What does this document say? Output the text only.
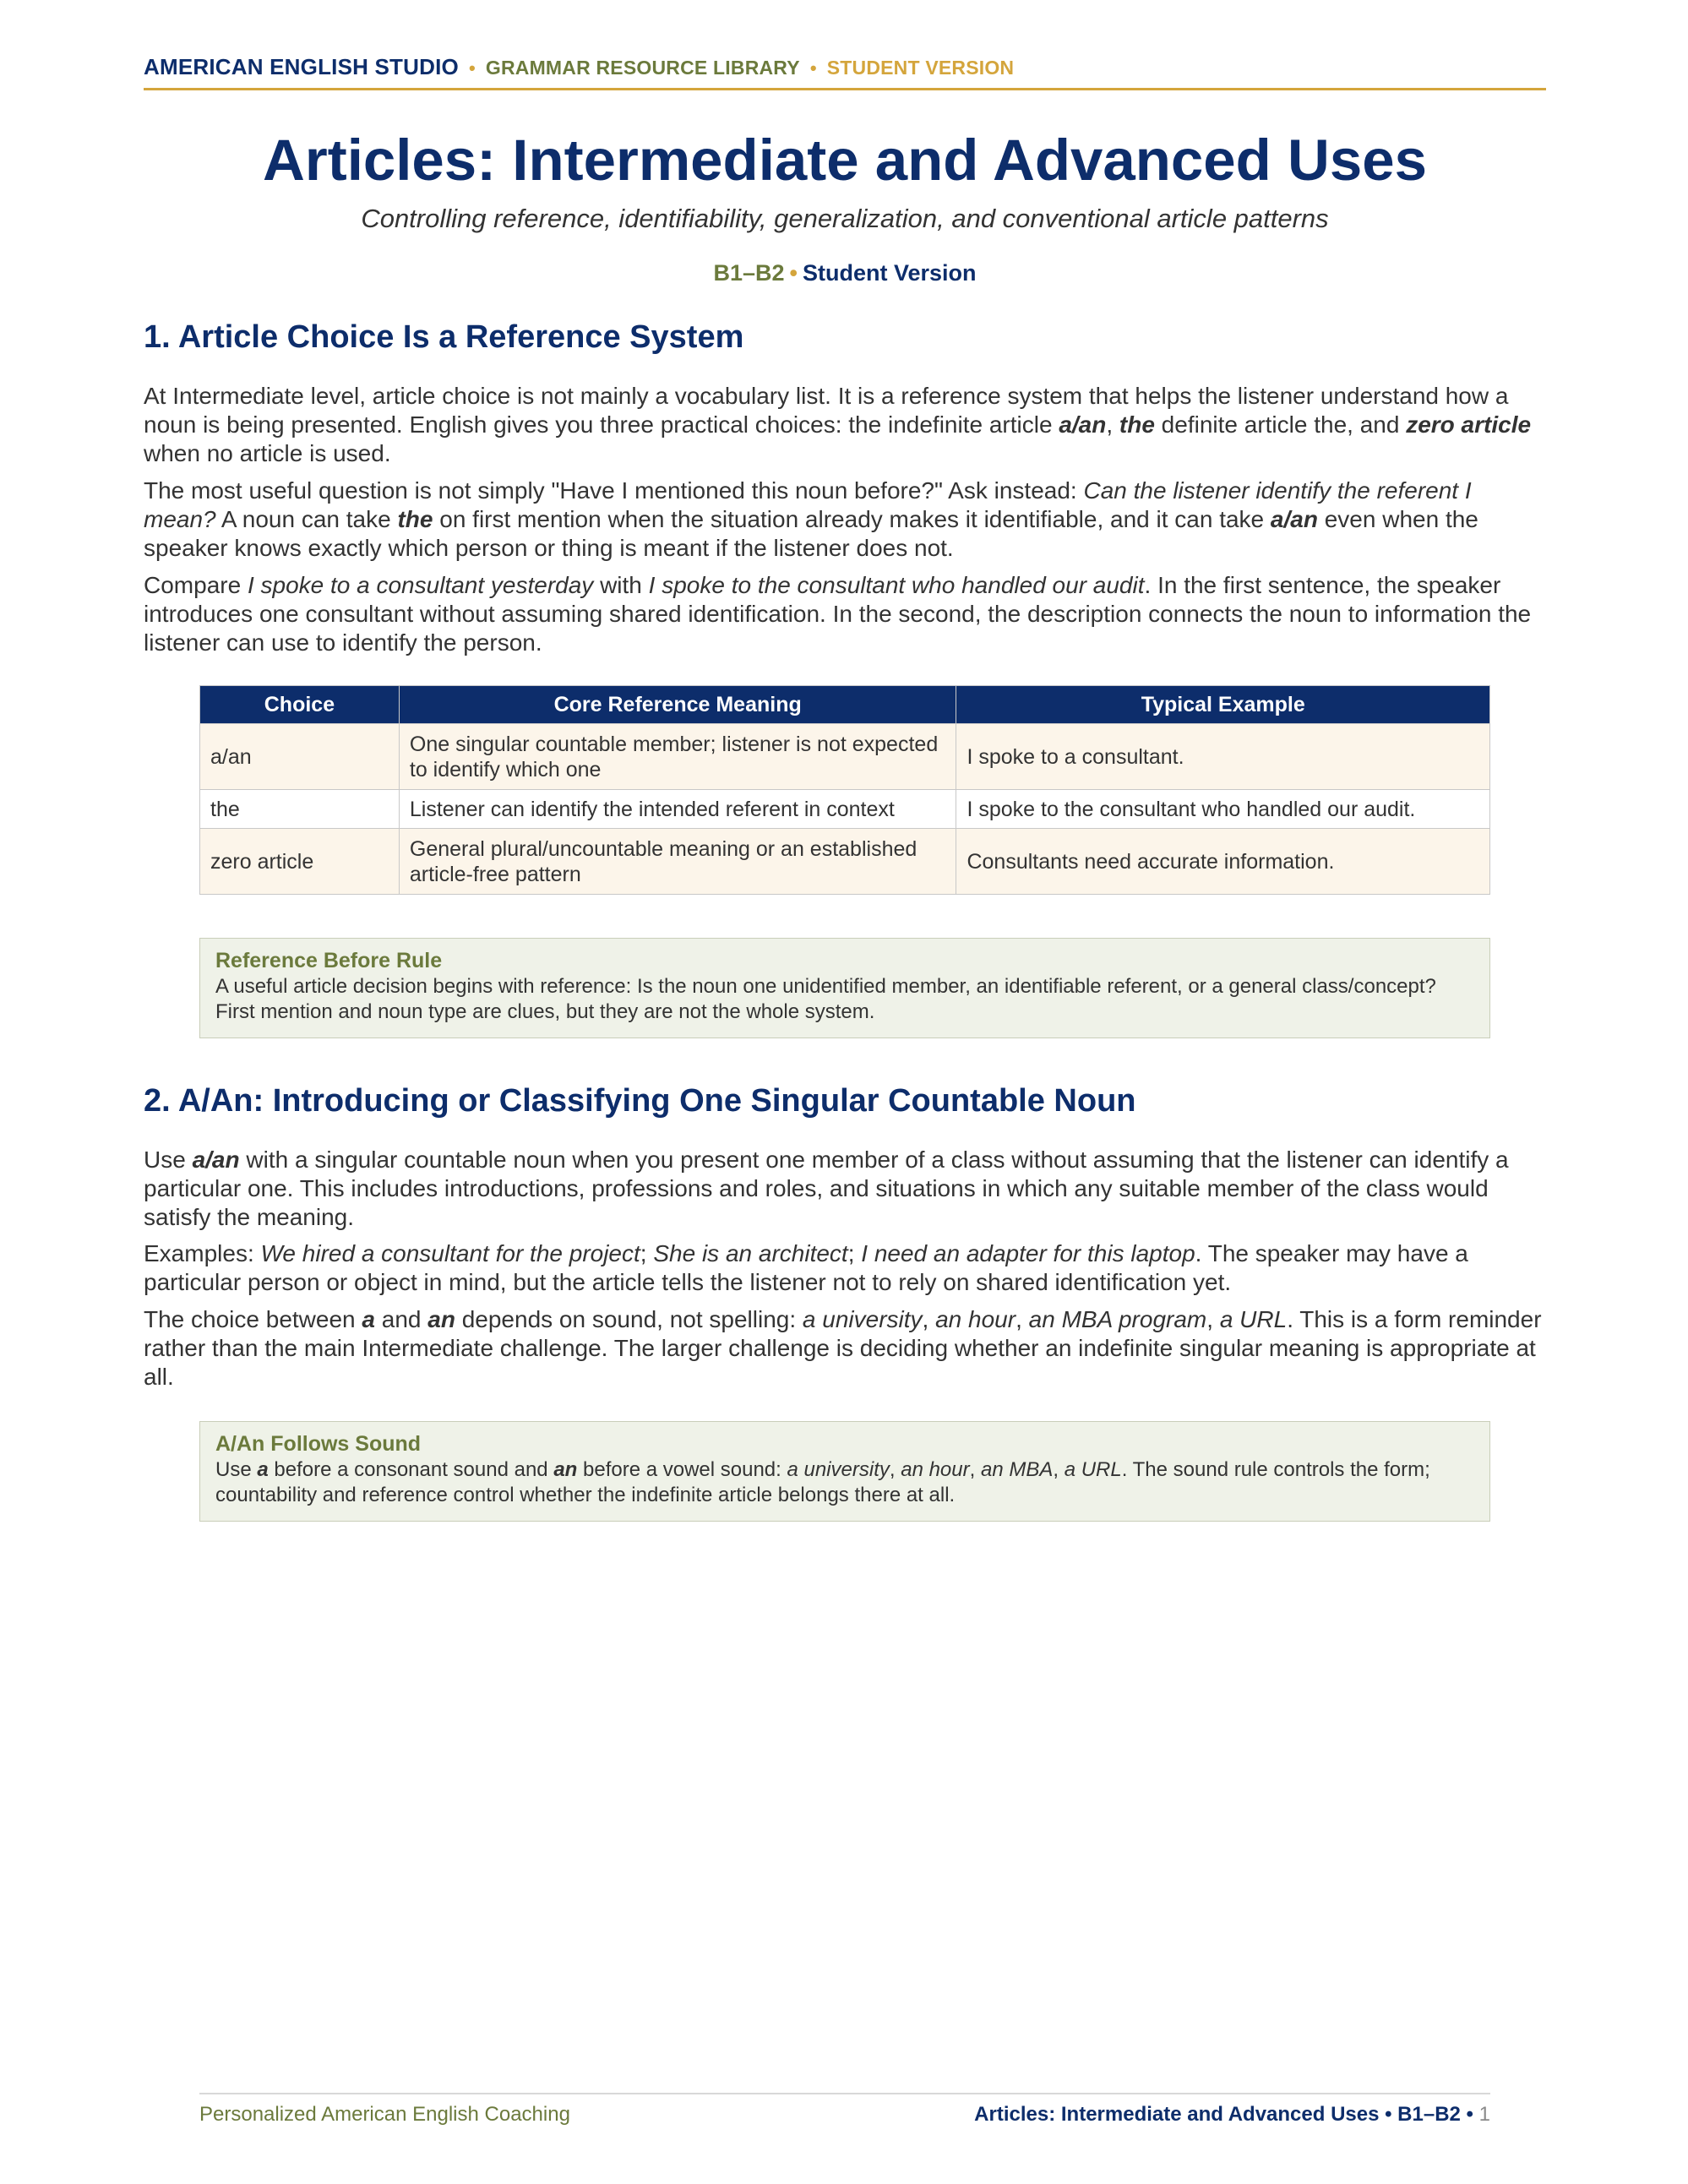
AMERICAN ENGLISH STUDIO • GRAMMAR RESOURCE LIBRARY • STUDENT VERSION
Articles: Intermediate and Advanced Uses
Controlling reference, identifiability, generalization, and conventional article patterns
B1–B2 • Student Version
1. Article Choice Is a Reference System

At Intermediate level, article choice is not mainly a vocabulary list. It is a reference system that helps the listener understand how a noun is being presented. English gives you three practical choices: the indefinite article a/an, the definite article the, and zero article when no article is used.

The most useful question is not simply "Have I mentioned this noun before?" Ask instead: Can the listener identify the referent I mean? A noun can take the on first mention when the situation already makes it identifiable, and it can take a/an even when the speaker knows exactly which person or thing is meant if the listener does not.

Compare I spoke to a consultant yesterday with I spoke to the consultant who handled our audit. In the first sentence, the speaker introduces one consultant without assuming shared identification. In the second, the description connects the noun to information the listener can use to identify the person.

Choice	Core Reference Meaning	Typical Example
a/an	One singular countable member; listener is not expected to identify which one	I spoke to a consultant.
the	Listener can identify the intended referent in context	I spoke to the consultant who handled our audit.
zero article	General plural/uncountable meaning or an established article-free pattern	Consultants need accurate information.
Reference Before Rule
A useful article decision begins with reference: Is the noun one unidentified member, an identifiable referent, or a general class/concept? First mention and noun type are clues, but they are not the whole system.
2. A/An: Introducing or Classifying One Singular Countable Noun

Use a/an with a singular countable noun when you present one member of a class without assuming that the listener can identify a particular one. This includes introductions, professions and roles, and situations in which any suitable member of the class would satisfy the meaning.

Examples: We hired a consultant for the project; She is an architect; I need an adapter for this laptop. The speaker may have a particular person or object in mind, but the article tells the listener not to rely on shared identification yet.

The choice between a and an depends on sound, not spelling: a university, an hour, an MBA program, a URL. This is a form reminder rather than the main Intermediate challenge. The larger challenge is deciding whether an indefinite singular meaning is appropriate at all.

A/An Follows Sound
Use a before a consonant sound and an before a vowel sound: a university, an hour, an MBA, a URL. The sound rule controls the form; countability and reference control whether the indefinite article belongs there at all.
Personalized American English Coaching	Articles: Intermediate and Advanced Uses • B1–B2 • 1
